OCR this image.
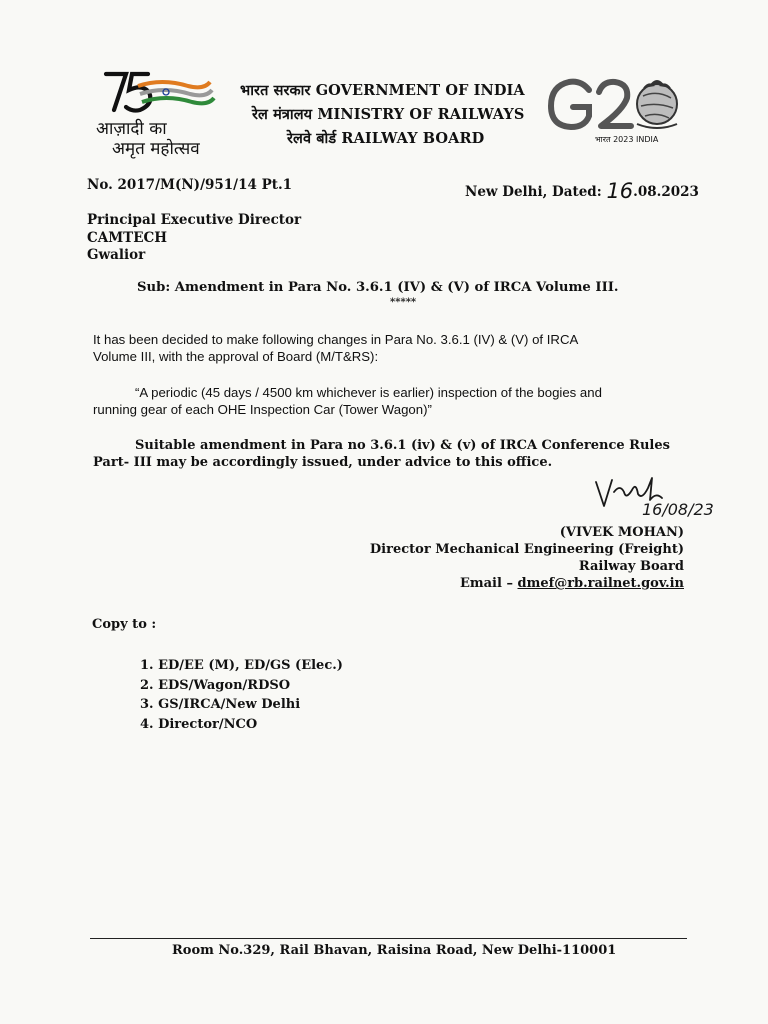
आज़ादी का
अमृत महोत्सव
भारत सरकार GOVERNMENT OF INDIA
रेल मंत्रालय MINISTRY OF RAILWAYS
रेलवे बोर्ड RAILWAY BOARD	भारत 2023 INDIA
No. 2017/M(N)/951/14 Pt.1	New Delhi, Dated: 16.08.2023
Principal Executive Director
CAMTECH
Gwalior
Sub: Amendment in Para No. 3.6.1 (IV) & (V) of IRCA Volume III.
*****
It has been decided to make following changes in Para No. 3.6.1 (IV) & (V) of IRCA
Volume III, with the approval of Board (M/T&RS):
“A periodic (45 days / 4500 km whichever is earlier) inspection of the bogies and
running gear of each OHE Inspection Car (Tower Wagon)”
Suitable amendment in Para no 3.6.1 (iv) & (v) of IRCA Conference Rules
Part- III may be accordingly issued, under advice to this office.
16/08/23
(VIVEK MOHAN)
Director Mechanical Engineering (Freight)
Railway Board
Email – dmef@rb.railnet.gov.in
Copy to :
1. ED/EE (M), ED/GS (Elec.)
2. EDS/Wagon/RDSO
3. GS/IRCA/New Delhi
4. Director/NCO
Room No.329, Rail Bhavan, Raisina Road, New Delhi-110001
